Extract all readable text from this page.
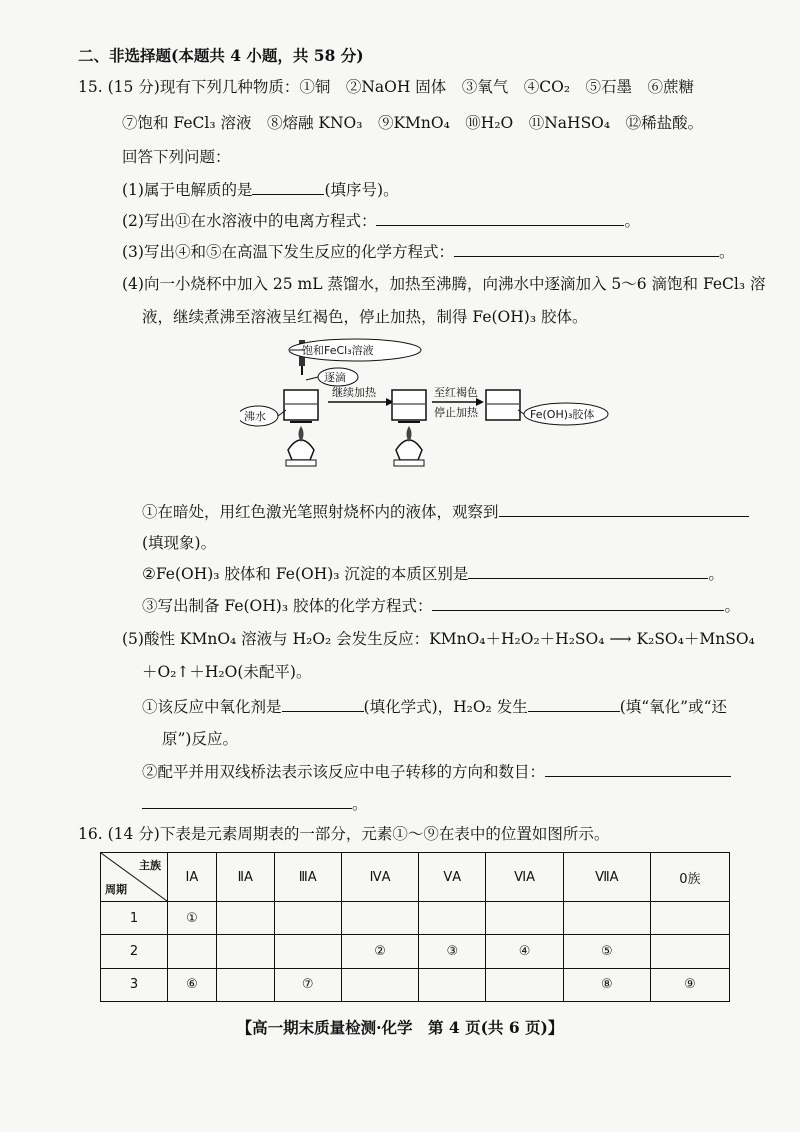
二、非选择题(本题共 4 小题，共 58 分)
15. (15 分)现有下列几种物质：①铜　②NaOH 固体　③氧气　④CO₂　⑤石墨　⑥蔗糖
⑦饱和 FeCl₃ 溶液　⑧熔融 KNO₃　⑨KMnO₄　⑩H₂O　⑪NaHSO₄　⑫稀盐酸。
回答下列问题：
(1)属于电解质的是	(填序号)。
(2)写出⑪在水溶液中的电离方程式：	。
(3)写出④和⑤在高温下发生反应的化学方程式：	。
(4)向一小烧杯中加入 25 mL 蒸馏水，加热至沸腾，向沸水中逐滴加入 5～6 滴饱和 FeCl₃ 溶
液，继续煮沸至溶液呈红褐色，停止加热，制得 Fe(OH)₃ 胶体。
饱和FeCl₃溶液
逐滴
沸水
继续加热	至红褐色
停止加热	Fe(OH)₃胶体
①在暗处，用红色激光笔照射烧杯内的液体，观察到
(填现象)。
②Fe(OH)₃ 胶体和 Fe(OH)₃ 沉淀的本质区别是	。
③写出制备 Fe(OH)₃ 胶体的化学方程式：	。
(5)酸性 KMnO₄ 溶液与 H₂O₂ 会发生反应：KMnO₄＋H₂O₂＋H₂SO₄ ⟶ K₂SO₄＋MnSO₄
＋O₂↑＋H₂O(未配平)。
①该反应中氧化剂是	(填化学式)，H₂O₂ 发生	(填“氧化”或“还
原”)反应。
②配平并用双线桥法表示该反应中电子转移的方向和数目：
。
16. (14 分)下表是元素周期表的一部分，元素①～⑨在表中的位置如图所示。
主族
周期	ⅠA	ⅡA	ⅢA	ⅣA	ⅤA	ⅥA	ⅦA	0族
1	①							
2				②	③	④	⑤	
3	⑥		⑦				⑧	⑨
【高一期末质量检测·化学　第 4 页(共 6 页)】
